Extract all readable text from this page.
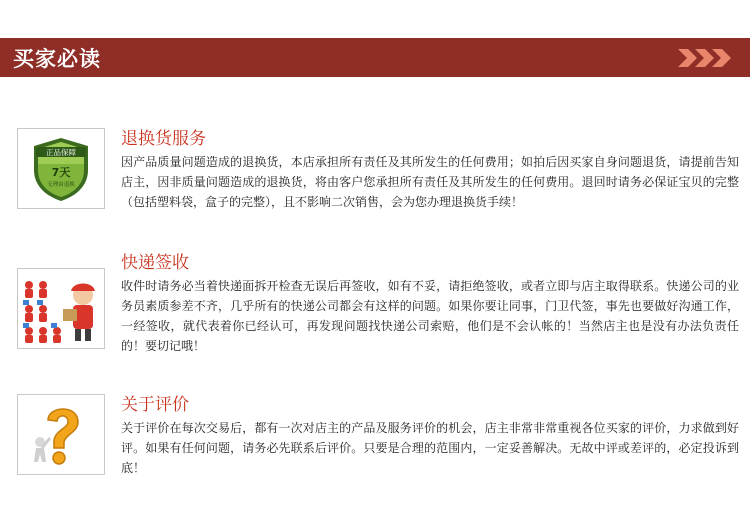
买家必读
正品保障
7天
无理由退换
退换货服务
因产品质量问题造成的退换货，本店承担所有责任及其所发生的任何费用；如拍后因买家自身问题退货，请提前告知店主，因非质量问题造成的退换货，将由客户您承担所有责任及其所发生的任何费用。退回时请务必保证宝贝的完整（包括塑料袋，盒子的完整），且不影响二次销售，会为您办理退换货手续！
快递签收
收件时请务必当着快递面拆开检查无误后再签收，如有不妥，请拒绝签收，或者立即与店主取得联系。快递公司的业务员素质参差不齐，几乎所有的快递公司都会有这样的问题。如果你要让同事，门卫代签，事先也要做好沟通工作，一经签收，就代表着你已经认可，再发现问题找快递公司索赔，他们是不会认帐的！当然店主也是没有办法负责任的！要切记哦！
关于评价
关于评价在每次交易后，都有一次对店主的产品及服务评价的机会，店主非常非常重视各位买家的评价，力求做到好评。如果有任何问题，请务必先联系后评价。只要是合理的范围内，一定妥善解决。无故中评或差评的，必定投诉到底！
